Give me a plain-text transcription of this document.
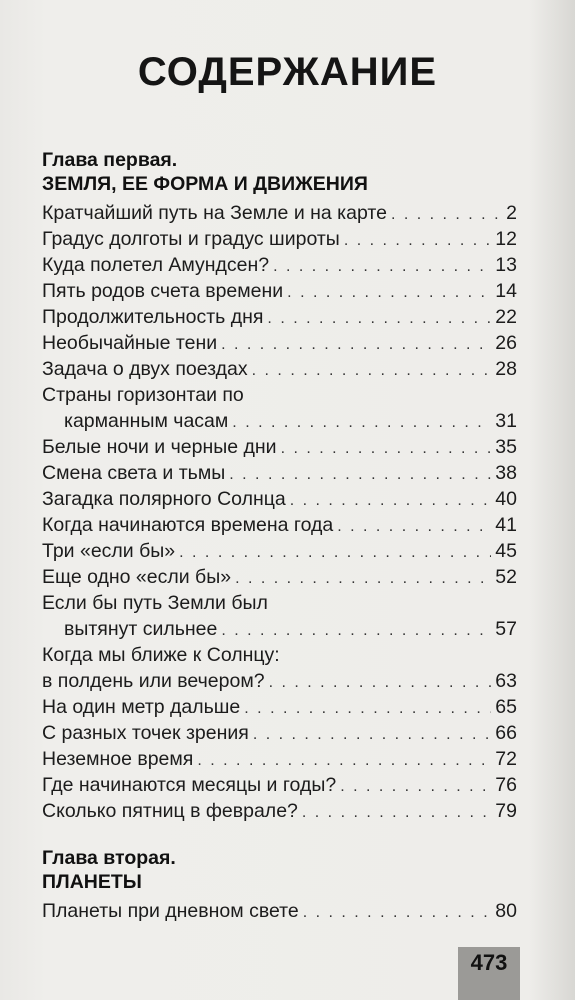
СОДЕРЖАНИЕ
Глава первая.
ЗЕМЛЯ, ЕЕ ФОРМА И ДВИЖЕНИЯ
Кратчайший путь на Земле и на карте . . .	2
Градус долготы и градус широты . . .	12
Куда полетел Амундсен? . . .	13
Пять родов счета времени . . .	14
Продолжительность дня . . .	22
Необычайные тени . . .	26
Задача о двух поездах . . .	28
Страны горизонтаи по
карманным часам . . .	31
Белые ночи и черные дни . . .	35
Смена света и тьмы . . .	38
Загадка полярного Солнца . . .	40
Когда начинаются времена года . . .	41
Три «если бы» . . .	45
Еще одно «если бы» . . .	52
Если бы путь Земли был
вытянут сильнее . . .	57
Когда мы ближе к Солнцу:
в полдень или вечером? . . .	63
На один метр дальше . . .	65
С разных точек зрения . . .	66
Неземное время . . .	72
Где начинаются месяцы и годы? . . .	76
Сколько пятниц в феврале? . . .	79
Глава вторая.
ПЛАНЕТЫ
Планеты при дневном свете . . .	80
473
